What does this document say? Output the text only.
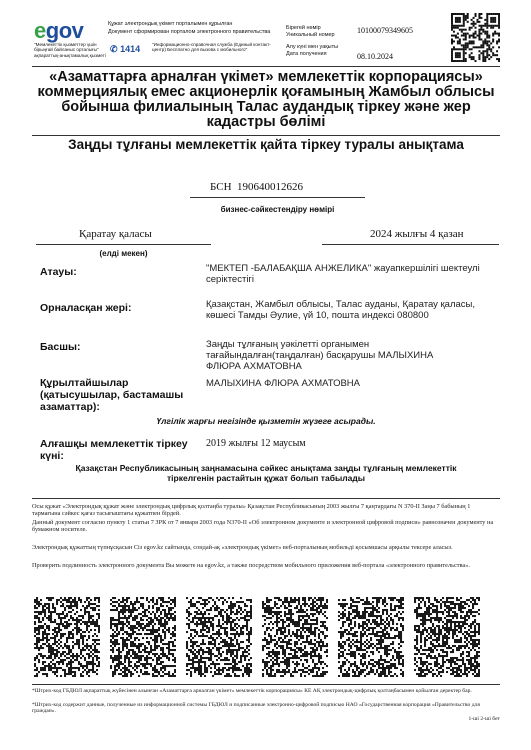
egov	Құжат электрондық үкімет порталымен құрылған
Документ сформирован порталом электронного правительства
"Мемлекеттік қызметтер үшін бірыңғай байланыс орталығы" ақпараттық-анықтамалық қызметі
✆ 1414	"Информационно-справочная служба (Единый контакт-центр) Бесплатно для вызова с мобильного"
Бірегей нөмір
Уникальный номер	10100079349605
Алу күні мен уақыты
Дата получения	08.10.2024
«Азаматтарға арналған үкімет» мемлекеттік корпорациясы» коммерциялық емес акционерлік қоғамының Жамбыл облысы бойынша филиалының Талас аудандық тіркеу және жер кадастры бөлімі
Заңды тұлғаны мемлекеттік қайта тіркеу туралы анықтама
БСН 190640012626
бизнес-сәйкестендіру нөмірі
Қаратау қаласы
(елді мекен)
2024 жылғы 4 қазан
Атауы:	"МЕКТЕП -БАЛАБАҚША АНЖЕЛИКА" жауапкершілігі шектеулі серіктестігі
Орналасқан жері:	Қазақстан, Жамбыл облысы, Талас ауданы, Қаратау қаласы, көшесі Тамды Әулие, үй 10, пошта индексі 080800
Басшы:	Заңды тұлғаның уәкілетті органымен тағайындалған(таңдалған) басқарушы МАЛЫХИНА ФЛЮРА АХМАТОВНА
Құрылтайшылар (қатысушылар, бастамашы азаматтар):
МАЛЫХИНА ФЛЮРА АХМАТОВНА
Үлгілік жарғы негізінде қызметін жүзеге асырады.
Алғашқы мемлекеттік тіркеу күні:
2019 жылғы 12 маусым
Қазақстан Республикасының заңнамасына сәйкес анықтама заңды тұлғаның мемлекеттік тіркелгенін растайтын құжат болып табылады
Осы құжат «Электрондық құжат және электрондық цифрлық қолтаңба туралы» Қазақстан Республикасының 2003 жылғы 7 қаңтардағы N 370-II Заңы 7 бабының 1 тармағына сәйкес қағаз тасығыштағы құжатпен бірдей.
Данный документ согласно пункту 1 статьи 7 ЗРК от 7 января 2003 года N370-II «Об электронном документе и электронной цифровой подписи» равнозначен документу на бумажном носителе.
Электрондық құжаттың түпнұсқасын Сіз egov.kz сайтында, сондай-ақ «электрондық үкімет» веб-порталының мобильді қосымшасы арқылы тексере аласыз.
Проверить подлинность электронного документа Вы можете на egov.kz, а также посредством мобильного приложения веб-портала «электронного правительства».
*Штрих-код ГБДЮЛ ақпараттық жүйесінен алынған «Азаматтарға арналған үкімет» мемлекеттік корпорациясы» КЕ АҚ электрондық-цифрлық қолтаңбасымен қойылған деректер бар.
*Штрих-код содержит данные, полученные из информационной системы ГБДЮЛ и подписанные электронно-цифровой подписью НАО «Государственная корпорация «Правительство для граждан».
1-ші 2-ші бет
